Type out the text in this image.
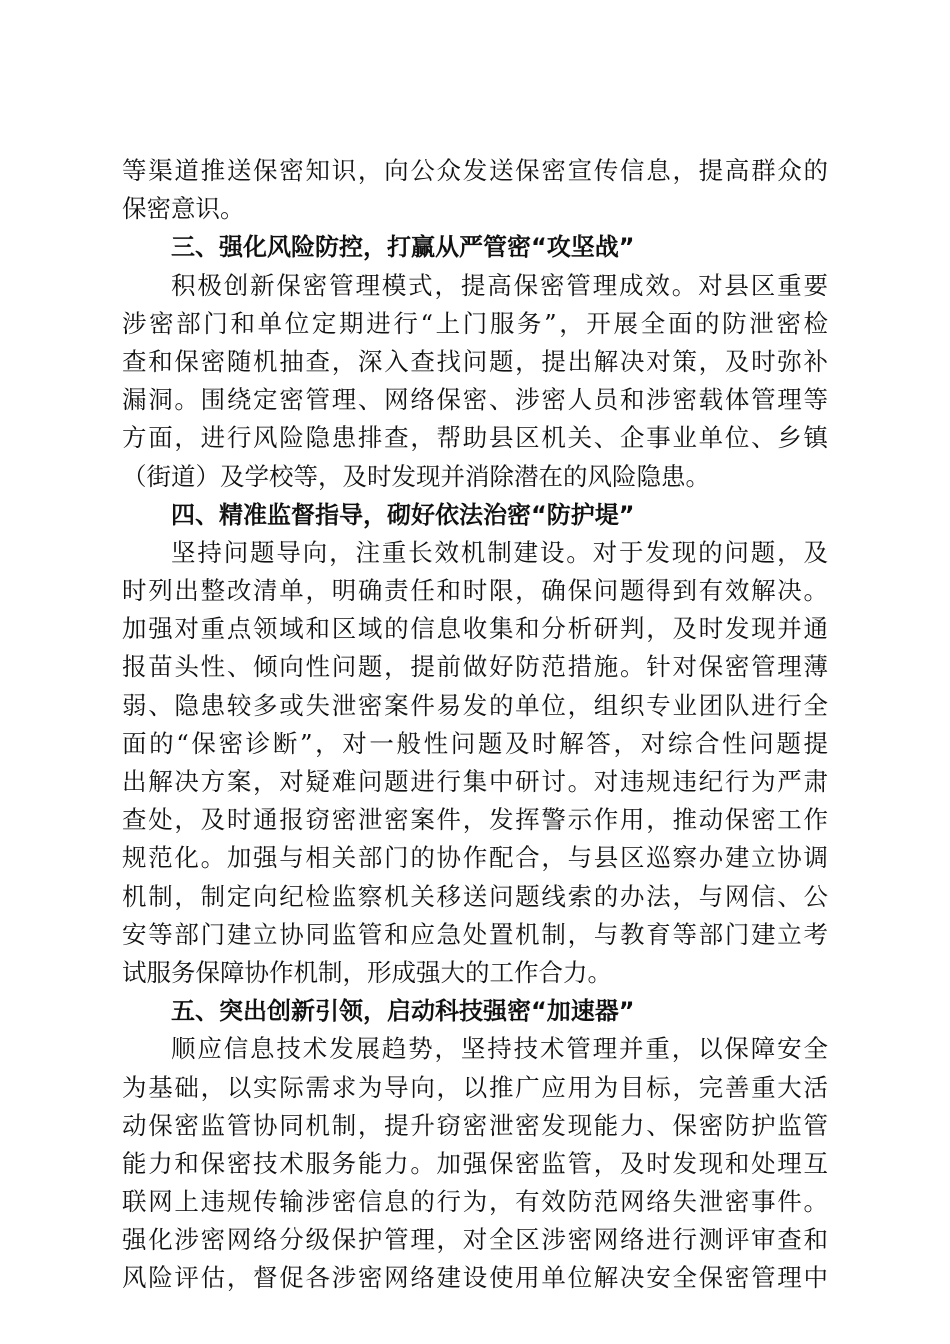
等渠道推送保密知识，向公众发送保密宣传信息，提高群众的
保密意识。
三、强化风险防控，打赢从严管密“攻坚战”
积极创新保密管理模式，提高保密管理成效。对县区重要
涉密部门和单位定期进行“上门服务”，开展全面的防泄密检
查和保密随机抽查，深入查找问题，提出解决对策，及时弥补
漏洞。围绕定密管理、网络保密、涉密人员和涉密载体管理等
方面，进行风险隐患排查，帮助县区机关、企事业单位、乡镇
（街道）及学校等，及时发现并消除潜在的风险隐患。
四、精准监督指导，砌好依法治密“防护堤”
坚持问题导向，注重长效机制建设。对于发现的问题，及
时列出整改清单，明确责任和时限，确保问题得到有效解决。
加强对重点领域和区域的信息收集和分析研判，及时发现并通
报苗头性、倾向性问题，提前做好防范措施。针对保密管理薄
弱、隐患较多或失泄密案件易发的单位，组织专业团队进行全
面的“保密诊断”，对一般性问题及时解答，对综合性问题提
出解决方案，对疑难问题进行集中研讨。对违规违纪行为严肃
查处，及时通报窃密泄密案件，发挥警示作用，推动保密工作
规范化。加强与相关部门的协作配合，与县区巡察办建立协调
机制，制定向纪检监察机关移送问题线索的办法，与网信、公
安等部门建立协同监管和应急处置机制，与教育等部门建立考
试服务保障协作机制，形成强大的工作合力。
五、突出创新引领，启动科技强密“加速器”
顺应信息技术发展趋势，坚持技术管理并重，以保障安全
为基础，以实际需求为导向，以推广应用为目标，完善重大活
动保密监管协同机制，提升窃密泄密发现能力、保密防护监管
能力和保密技术服务能力。加强保密监管，及时发现和处理互
联网上违规传输涉密信息的行为，有效防范网络失泄密事件。
强化涉密网络分级保护管理，对全区涉密网络进行测评审查和
风险评估，督促各涉密网络建设使用单位解决安全保密管理中
